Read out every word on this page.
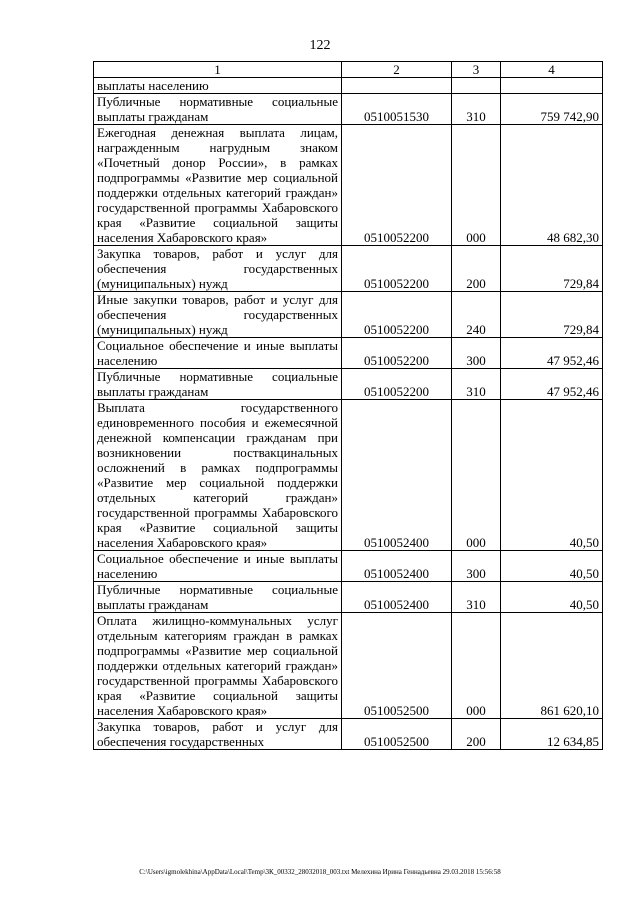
122
1	2	3	4
выплаты населению			
Публичные нормативные социальные выплаты гражданам	0510051530	310	759 742,90
Ежегодная денежная выплата лицам, награжденным нагрудным знаком «Почетный донор России», в рамках подпрограммы «Развитие мер социальной поддержки отдельных категорий граждан» государственной программы Хабаровского края «Развитие социальной защиты населения Хабаровского края»	0510052200	000	48 682,30
Закупка товаров, работ и услуг для обеспечения государственных (муниципальных) нужд	0510052200	200	729,84
Иные закупки товаров, работ и услуг для обеспечения государственных (муниципальных) нужд	0510052200	240	729,84
Социальное обеспечение и иные выплаты населению	0510052200	300	47 952,46
Публичные нормативные социальные выплаты гражданам	0510052200	310	47 952,46
Выплата государственного единовременного пособия и ежемесячной денежной компенсации гражданам при возникновении поствакцинальных осложнений в рамках подпрограммы «Развитие мер социальной поддержки отдельных категорий граждан» государственной программы Хабаровского края «Развитие социальной защиты населения Хабаровского края»	0510052400	000	40,50
Социальное обеспечение и иные выплаты населению	0510052400	300	40,50
Публичные нормативные социальные выплаты гражданам	0510052400	310	40,50
Оплата жилищно-коммунальных услуг отдельным категориям граждан в рамках подпрограммы «Развитие мер социальной поддержки отдельных категорий граждан» государственной программы Хабаровского края «Развитие социальной защиты населения Хабаровского края»	0510052500	000	861 620,10
Закупка товаров, работ и услуг для обеспечения государственных	0510052500	200	12 634,85
C:\Users\igmolekhina\AppData\Local\Temp\3К_00332_28032018_003.txt Мелехина Ирина Геннадьевна 29.03.2018 15:56:58
